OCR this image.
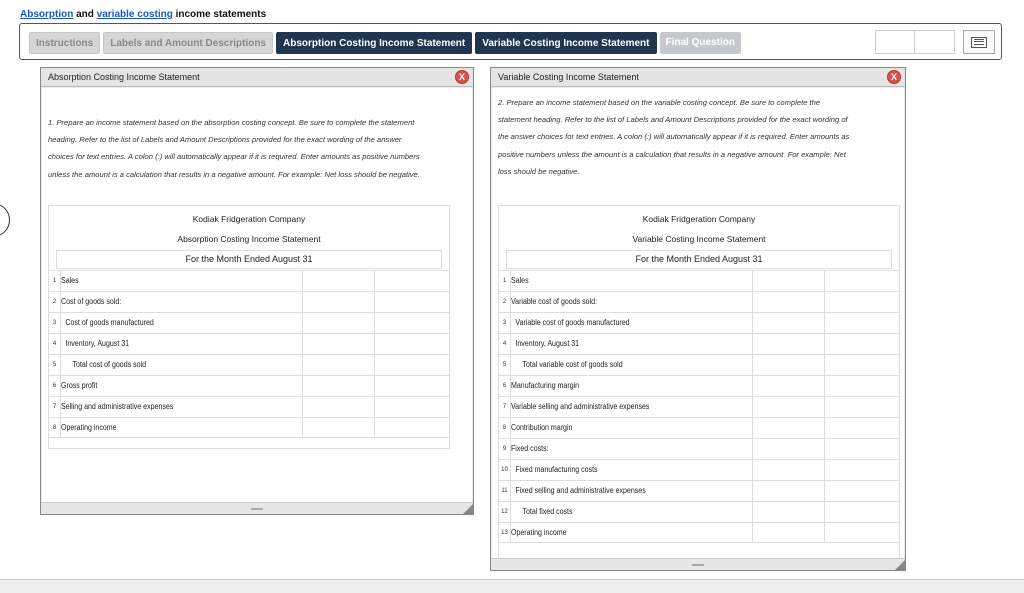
Absorption and variable costing income statements
Instructions	Labels and Amount Descriptions	Absorption Costing Income Statement	Variable Costing Income Statement	Final Question
Absorption Costing Income Statement	X

1. Prepare an income statement based on the absorption costing concept. Be sure to complete the statement

heading. Refer to the list of Labels and Amount Descriptions provided for the exact wording of the answer

choices for text entries. A colon (:) will automatically appear if it is required. Enter amounts as positive numbers

unless the amount is a calculation that results in a negative amount. For example: Net loss should be negative.

Kodiak Fridgeration Company
Absorption Costing Income Statement
For the Month Ended August 31
1 Sales
2 Cost of goods sold:
3	Cost of goods manufactured
4	Inventory, August 31
5	Total cost of goods sold
6 Gross profit
7 Selling and administrative expenses
8 Operating income
Variable Costing Income Statement	X

2. Prepare an income statement based on the variable costing concept. Be sure to complete the

statement heading. Refer to the list of Labels and Amount Descriptions provided for the exact wording of

the answer choices for text entries. A colon (:) will automatically appear if it is required. Enter amounts as

positive numbers unless the amount is a calculation that results in a negative amount. For example: Net

loss should be negative.

Kodiak Fridgeration Company
Variable Costing Income Statement
For the Month Ended August 31
1 Sales
2 Variable cost of goods sold:
3	Variable cost of goods manufactured
4	Inventory, August 31
5	Total variable cost of goods sold
6 Manufacturing margin
7 Variable selling and administrative expenses
8 Contribution margin
9 Fixed costs:
10 Fixed manufacturing costs
11 Fixed selling and administrative expenses
12	Total fixed costs
13 Operating income
